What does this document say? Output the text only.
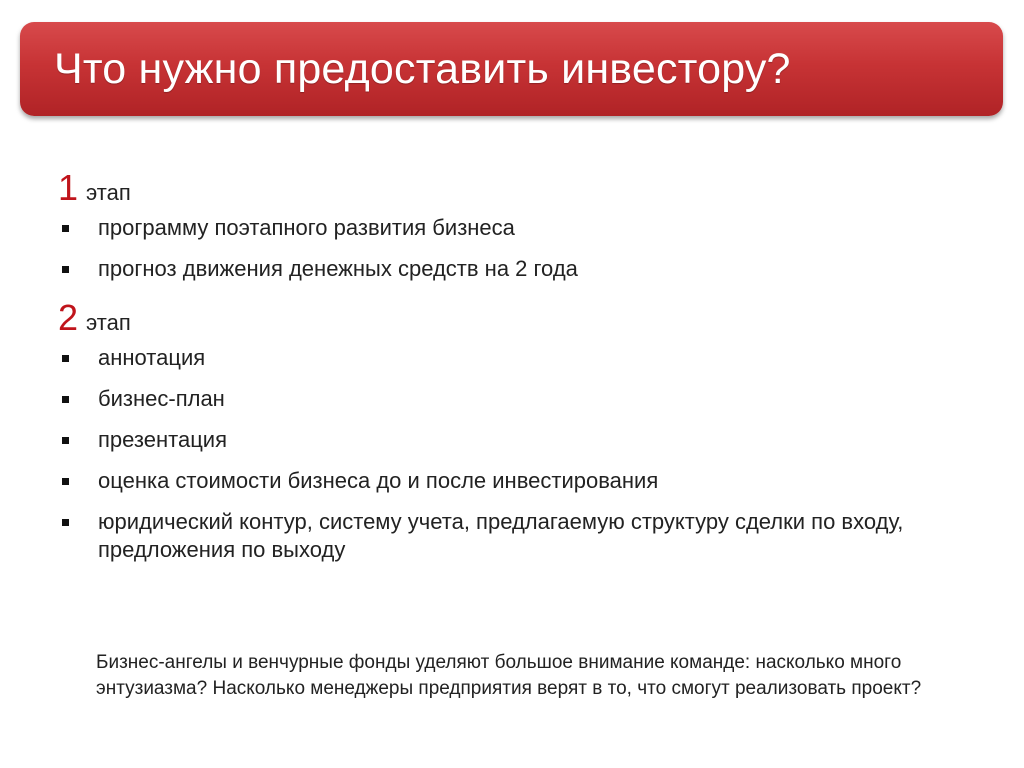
Что нужно предоставить инвестору?
1 этап
программу поэтапного развития бизнеса
прогноз движения денежных средств на 2 года
2 этап
аннотация
бизнес-план
презентация
оценка стоимости бизнеса до и после инвестирования
юридический контур, систему учета, предлагаемую структуру сделки по входу, предложения по выходу
Бизнес-ангелы и венчурные фонды уделяют большое внимание команде: насколько много энтузиазма? Насколько менеджеры предприятия верят в то, что смогут реализовать проект?
